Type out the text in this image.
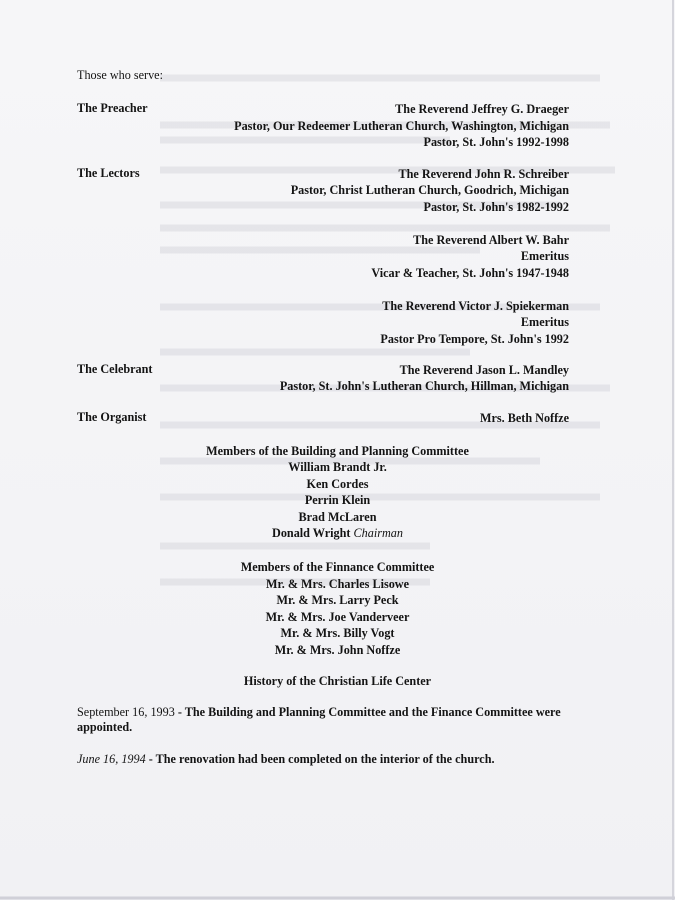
Those who serve:
The Preacher	The Reverend Jeffrey G. Draeger
Pastor, Our Redeemer Lutheran Church, Washington, Michigan
Pastor, St. John's 1992-1998
The Lectors	The Reverend John R. Schreiber
Pastor, Christ Lutheran Church, Goodrich, Michigan
Pastor, St. John's 1982-1992
The Reverend Albert W. Bahr
Emeritus
Vicar & Teacher, St. John's 1947-1948
The Reverend Victor J. Spiekerman
Emeritus
Pastor Pro Tempore, St. John's 1992
The Celebrant	The Reverend Jason L. Mandley
Pastor, St. John's Lutheran Church, Hillman, Michigan
The Organist	Mrs. Beth Noffze
Members of the Building and Planning Committee
William Brandt Jr.
Ken Cordes
Perrin Klein
Brad McLaren
Donald Wright Chairman
Members of the Finnance Committee
Mr. & Mrs. Charles Lisowe
Mr. & Mrs. Larry Peck
Mr. & Mrs. Joe Vanderveer
Mr. & Mrs. Billy Vogt
Mr. & Mrs. John Noffze
History of the Christian Life Center
September 16, 1993 - The Building and Planning Committee and the Finance Committee were appointed.
June 16, 1994 - The renovation had been completed on the interior of the church.
